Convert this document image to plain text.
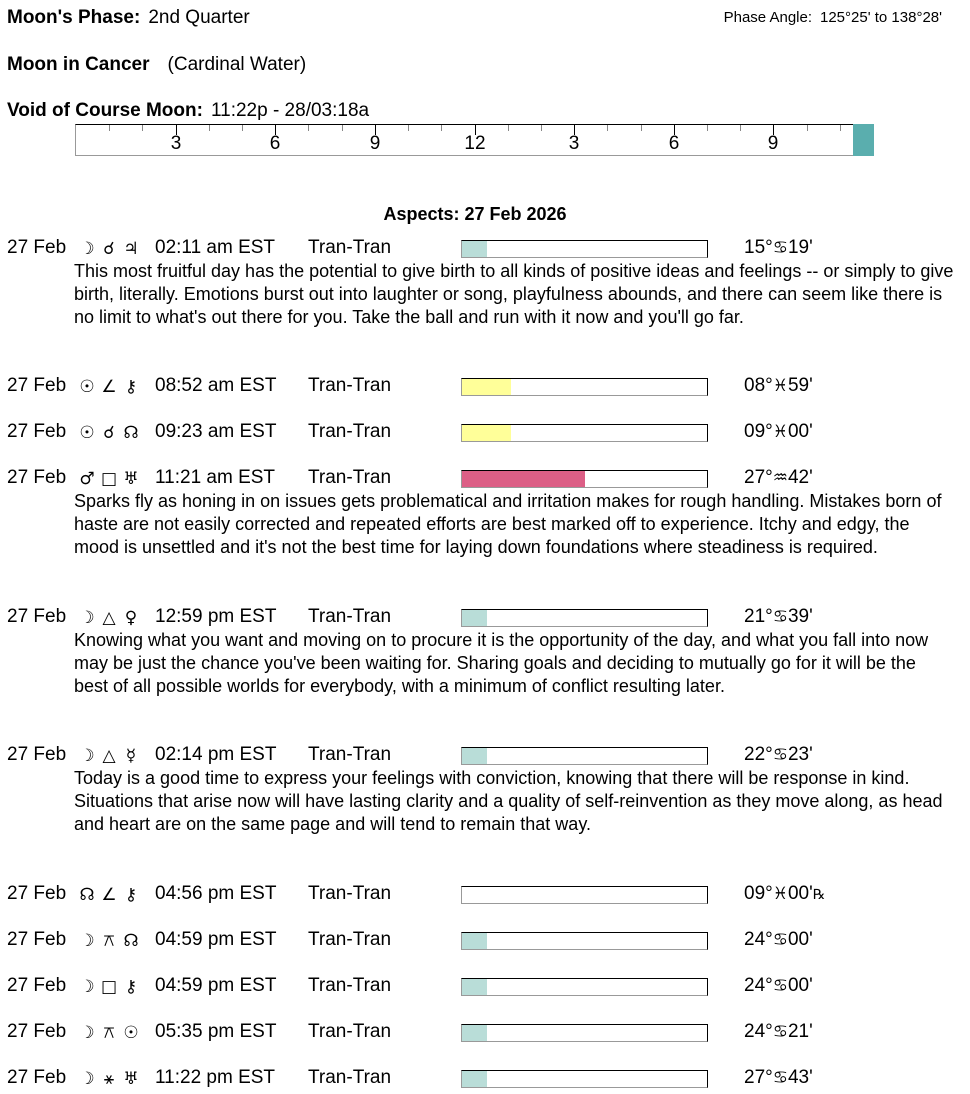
Moon's Phase: 2nd Quarter	Phase Angle: 125°25' to 138°28'
Moon in Cancer (Cardinal Water)
Void of Course Moon: 11:22p - 28/03:18a
3	6	9	12	3	6	9
Aspects: 27 Feb 2026
27 Feb ☽ ☌ ♃ 02:11 am EST Tran-Tran	15°♋19'
This most fruitful day has the potential to give birth to all kinds of positive ideas and feelings -- or simply to give birth, literally. Emotions burst out into laughter or song, playfulness abounds, and there can seem like there is no limit to what's out there for you. Take the ball and run with it now and you'll go far.
27 Feb ☉ ∠ ⚷ 08:52 am EST Tran-Tran	08°♓59'
27 Feb ☉ ☌ ☊ 09:23 am EST Tran-Tran	09°♓00'
27 Feb ♂ □ ♅ 11:21 am EST Tran-Tran	27°♒42'
Sparks fly as honing in on issues gets problematical and irritation makes for rough handling. Mistakes born of haste are not easily corrected and repeated efforts are best marked off to experience. Itchy and edgy, the mood is unsettled and it's not the best time for laying down foundations where steadiness is required.
27 Feb ☽ △ ♀ 12:59 pm EST Tran-Tran	21°♋39'
Knowing what you want and moving on to procure it is the opportunity of the day, and what you fall into now may be just the chance you've been waiting for. Sharing goals and deciding to mutually go for it will be the best of all possible worlds for everybody, with a minimum of conflict resulting later.
27 Feb ☽ △ ☿ 02:14 pm EST Tran-Tran	22°♋23'
Today is a good time to express your feelings with conviction, knowing that there will be response in kind. Situations that arise now will have lasting clarity and a quality of self-reinvention as they move along, as head and heart are on the same page and will tend to remain that way.
27 Feb ☊ ∠ ⚷ 04:56 pm EST Tran-Tran	09°♓00'℞
27 Feb ☽ ⚻ ☊ 04:59 pm EST Tran-Tran	24°♋00'
27 Feb ☽ □ ⚷ 04:59 pm EST Tran-Tran	24°♋00'
27 Feb ☽ ⚻ ☉ 05:35 pm EST Tran-Tran	24°♋21'
27 Feb ☽ ⚹ ♅ 11:22 pm EST Tran-Tran	27°♋43'
